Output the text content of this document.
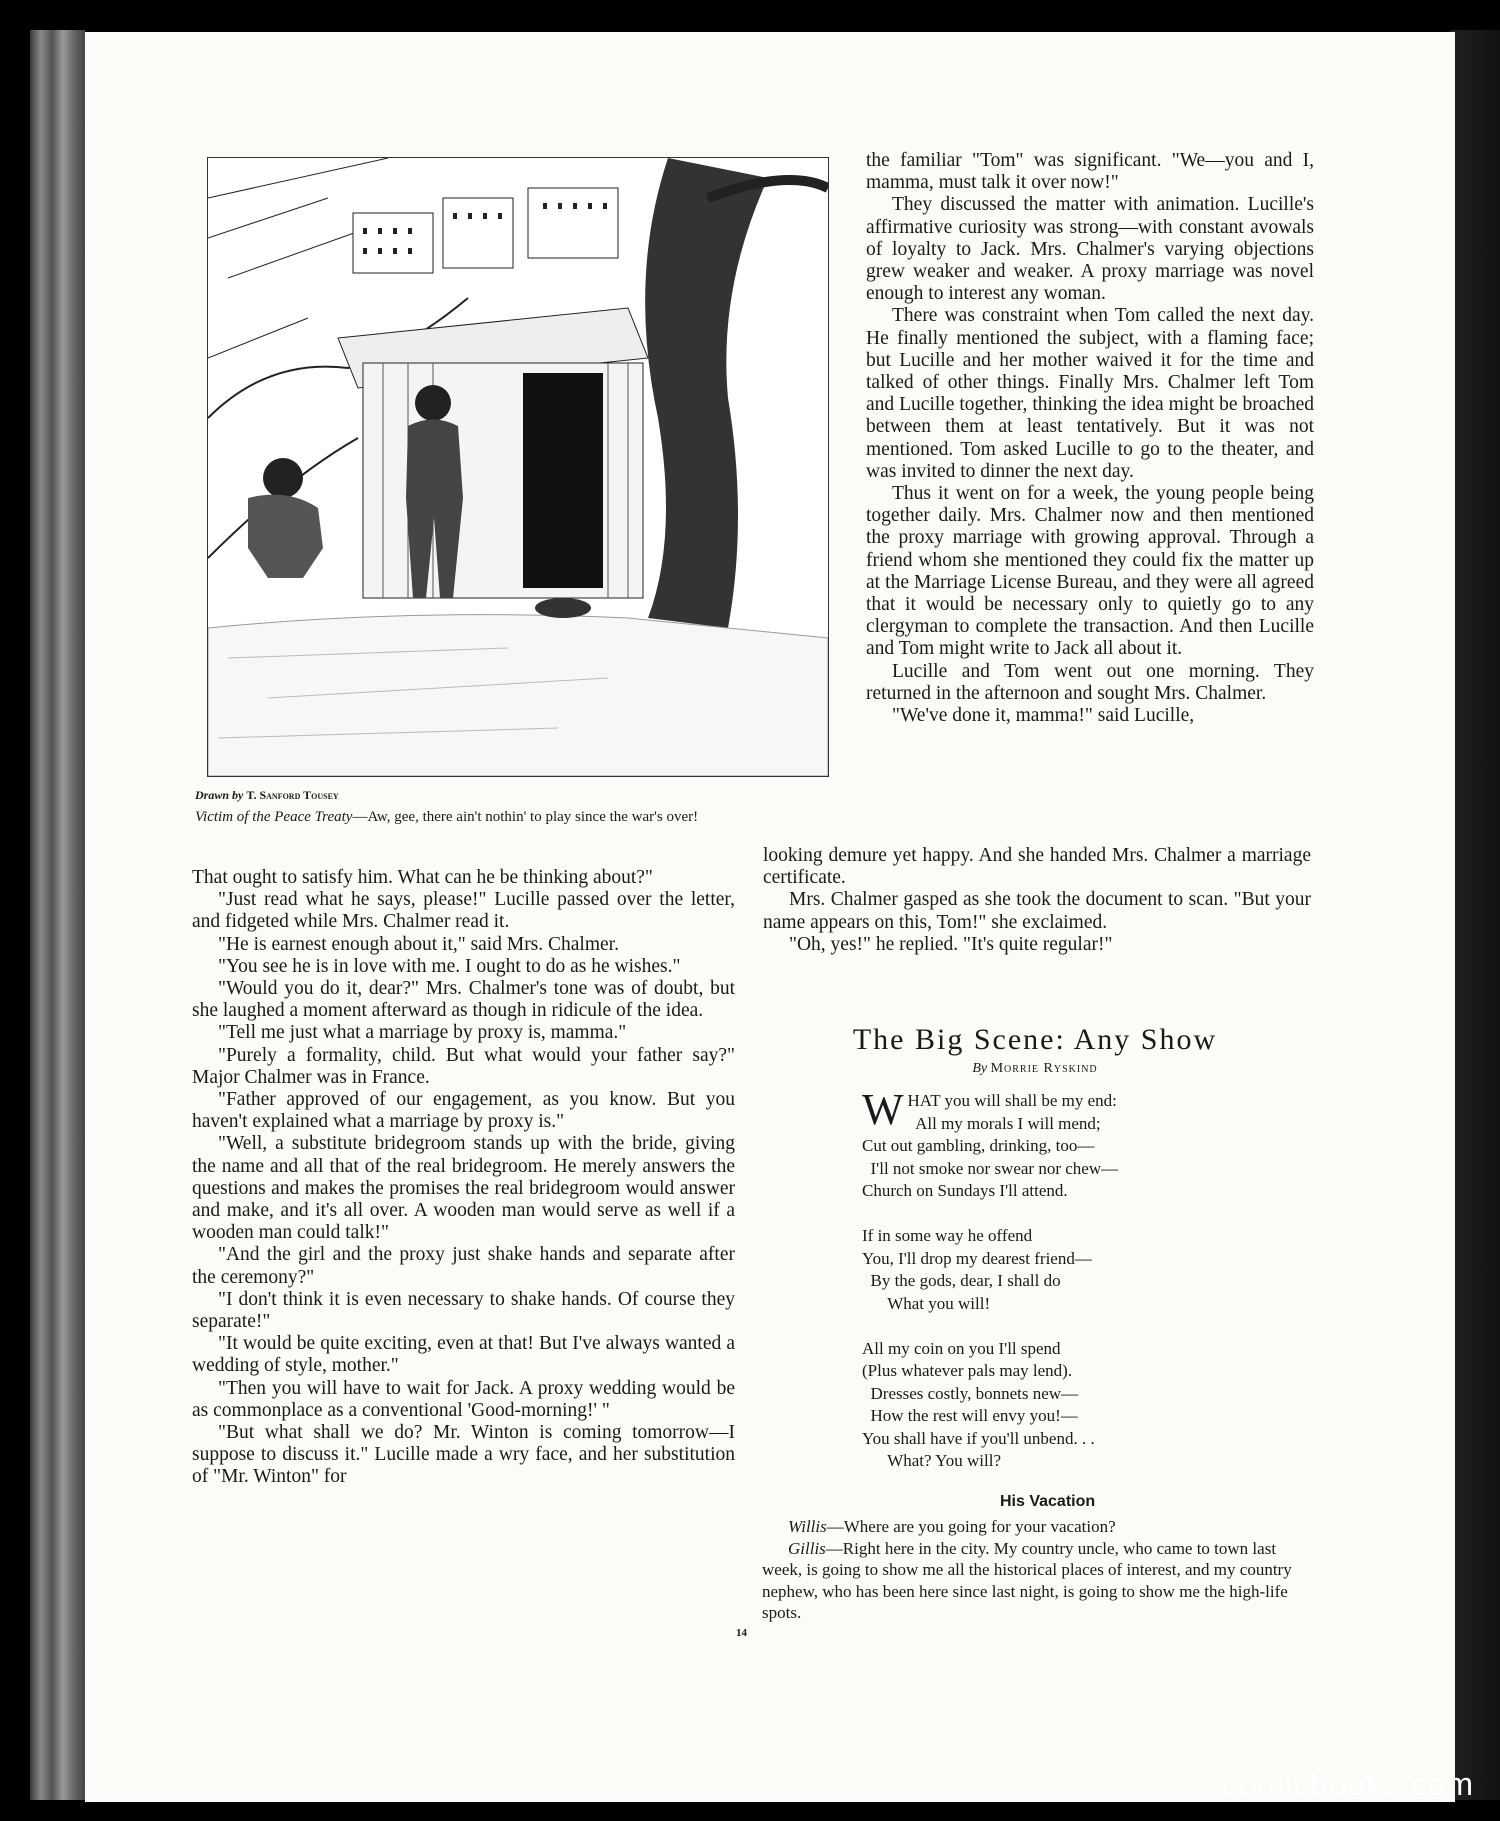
Drawn by T. Sanford Tousey
Victim of the Peace Treaty—Aw, gee, there ain't nothin' to play since the war's over!

the familiar "Tom" was significant. "We—you and I, mamma, must talk it over now!"

They discussed the matter with animation. Lucille's affirmative curiosity was strong—with constant avowals of loyalty to Jack. Mrs. Chalmer's varying objections grew weaker and weaker. A proxy marriage was novel enough to interest any woman.

There was constraint when Tom called the next day. He finally mentioned the subject, with a flaming face; but Lucille and her mother waived it for the time and talked of other things. Finally Mrs. Chalmer left Tom and Lucille together, thinking the idea might be broached between them at least tentatively. But it was not mentioned. Tom asked Lucille to go to the theater, and was invited to dinner the next day.

Thus it went on for a week, the young people being together daily. Mrs. Chalmer now and then mentioned the proxy marriage with growing approval. Through a friend whom she mentioned they could fix the matter up at the Marriage License Bureau, and they were all agreed that it would be necessary only to quietly go to any clergyman to complete the transaction. And then Lucille and Tom might write to Jack all about it.

Lucille and Tom went out one morning. They returned in the afternoon and sought Mrs. Chalmer.

"We've done it, mamma!" said Lucille,

That ought to satisfy him. What can he be thinking about?"

"Just read what he says, please!" Lucille passed over the letter, and fidgeted while Mrs. Chalmer read it.

"He is earnest enough about it," said Mrs. Chalmer.

"You see he is in love with me. I ought to do as he wishes."

"Would you do it, dear?" Mrs. Chalmer's tone was of doubt, but she laughed a moment afterward as though in ridicule of the idea.

"Tell me just what a marriage by proxy is, mamma."

"Purely a formality, child. But what would your father say?" Major Chalmer was in France.

"Father approved of our engagement, as you know. But you haven't explained what a marriage by proxy is."

"Well, a substitute bridegroom stands up with the bride, giving the name and all that of the real bridegroom. He merely answers the questions and makes the promises the real bridegroom would answer and make, and it's all over. A wooden man would serve as well if a wooden man could talk!"

"And the girl and the proxy just shake hands and separate after the ceremony?"

"I don't think it is even necessary to shake hands. Of course they separate!"

"It would be quite exciting, even at that! But I've always wanted a wedding of style, mother."

"Then you will have to wait for Jack. A proxy wedding would be as commonplace as a conventional 'Good-morning!' "

"But what shall we do? Mr. Winton is coming tomorrow—I suppose to discuss it." Lucille made a wry face, and her substitution of "Mr. Winton" for

looking demure yet happy. And she handed Mrs. Chalmer a marriage certificate.

Mrs. Chalmer gasped as she took the document to scan. "But your name appears on this, Tom!" she exclaimed.

"Oh, yes!" he replied. "It's quite regular!"

The Big Scene: Any Show
By Morrie Ryskind
W HAT you will shall be my end:
All my morals I will mend;
Cut out gambling, drinking, too—
I'll not smoke nor swear nor chew—
Church on Sundays I'll attend.

If in some way he offend
You, I'll drop my dearest friend—
By the gods, dear, I shall do
What you will!

All my coin on you I'll spend
(Plus whatever pals may lend).
Dresses costly, bonnets new—
How the rest will envy you!—
You shall have if you'll unbend. . .
What? You will?
His Vacation

Willis—Where are you going for your vacation?

Gillis—Right here in the city. My country uncle, who came to town last week, is going to show me all the historical places of interest, and my country nephew, who has been here since last night, is going to show me the high-life spots.

14
comicbooks.com
